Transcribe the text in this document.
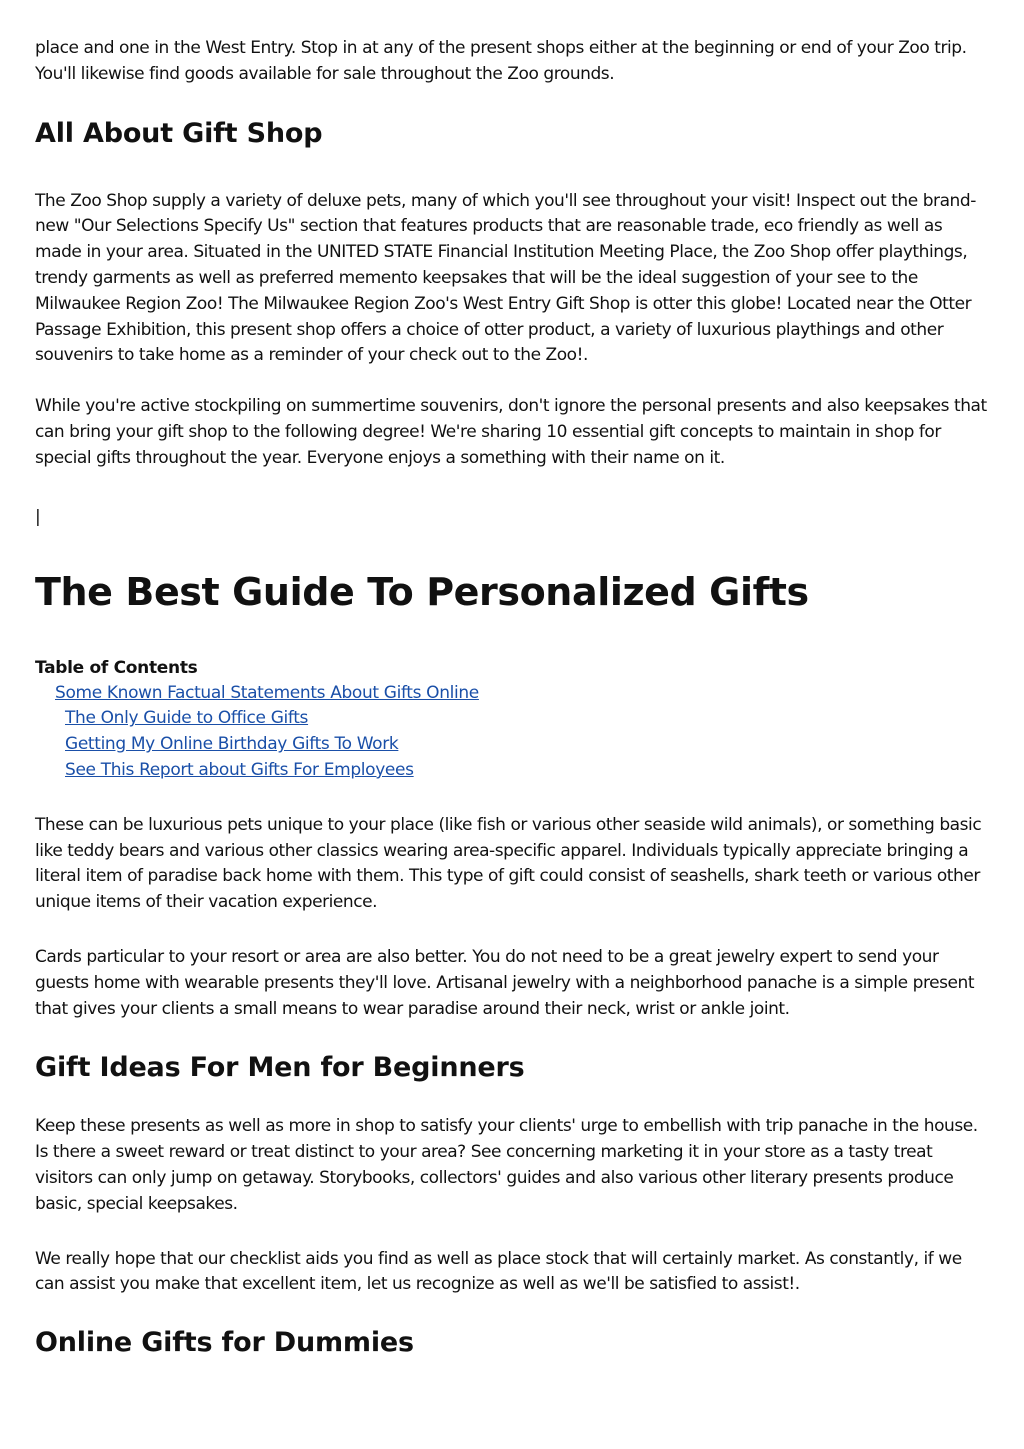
place and one in the West Entry. Stop in at any of the present shops either at the beginning or end of your Zoo trip. You'll likewise find goods available for sale throughout the Zoo grounds.

All About Gift Shop

The Zoo Shop supply a variety of deluxe pets, many of which you'll see throughout your visit! Inspect out the brand-new "Our Selections Specify Us" section that features products that are reasonable trade, eco friendly as well as made in your area. Situated in the UNITED STATE Financial Institution Meeting Place, the Zoo Shop offer playthings, trendy garments as well as preferred memento keepsakes that will be the ideal suggestion of your see to the Milwaukee Region Zoo! The Milwaukee Region Zoo's West Entry Gift Shop is otter this globe! Located near the Otter Passage Exhibition, this present shop offers a choice of otter product, a variety of luxurious playthings and other souvenirs to take home as a reminder of your check out to the Zoo!.

While you're active stockpiling on summertime souvenirs, don't ignore the personal presents and also keepsakes that can bring your gift shop to the following degree! We're sharing 10 essential gift concepts to maintain in shop for special gifts throughout the year. Everyone enjoys a something with their name on it.

|
The Best Guide To Personalized Gifts
Table of Contents
Some Known Factual Statements About Gifts Online
The Only Guide to Office Gifts
Getting My Online Birthday Gifts To Work
See This Report about Gifts For Employees

These can be luxurious pets unique to your place (like fish or various other seaside wild animals), or something basic like teddy bears and various other classics wearing area-specific apparel. Individuals typically appreciate bringing a literal item of paradise back home with them. This type of gift could consist of seashells, shark teeth or various other unique items of their vacation experience.

Cards particular to your resort or area are also better. You do not need to be a great jewelry expert to send your guests home with wearable presents they'll love. Artisanal jewelry with a neighborhood panache is a simple present that gives your clients a small means to wear paradise around their neck, wrist or ankle joint.

Gift Ideas For Men for Beginners

Keep these presents as well as more in shop to satisfy your clients' urge to embellish with trip panache in the house. Is there a sweet reward or treat distinct to your area? See concerning marketing it in your store as a tasty treat visitors can only jump on getaway. Storybooks, collectors' guides and also various other literary presents produce basic, special keepsakes.

We really hope that our checklist aids you find as well as place stock that will certainly market. As constantly, if we can assist you make that excellent item, let us recognize as well as we'll be satisfied to assist!.

Online Gifts for Dummies
